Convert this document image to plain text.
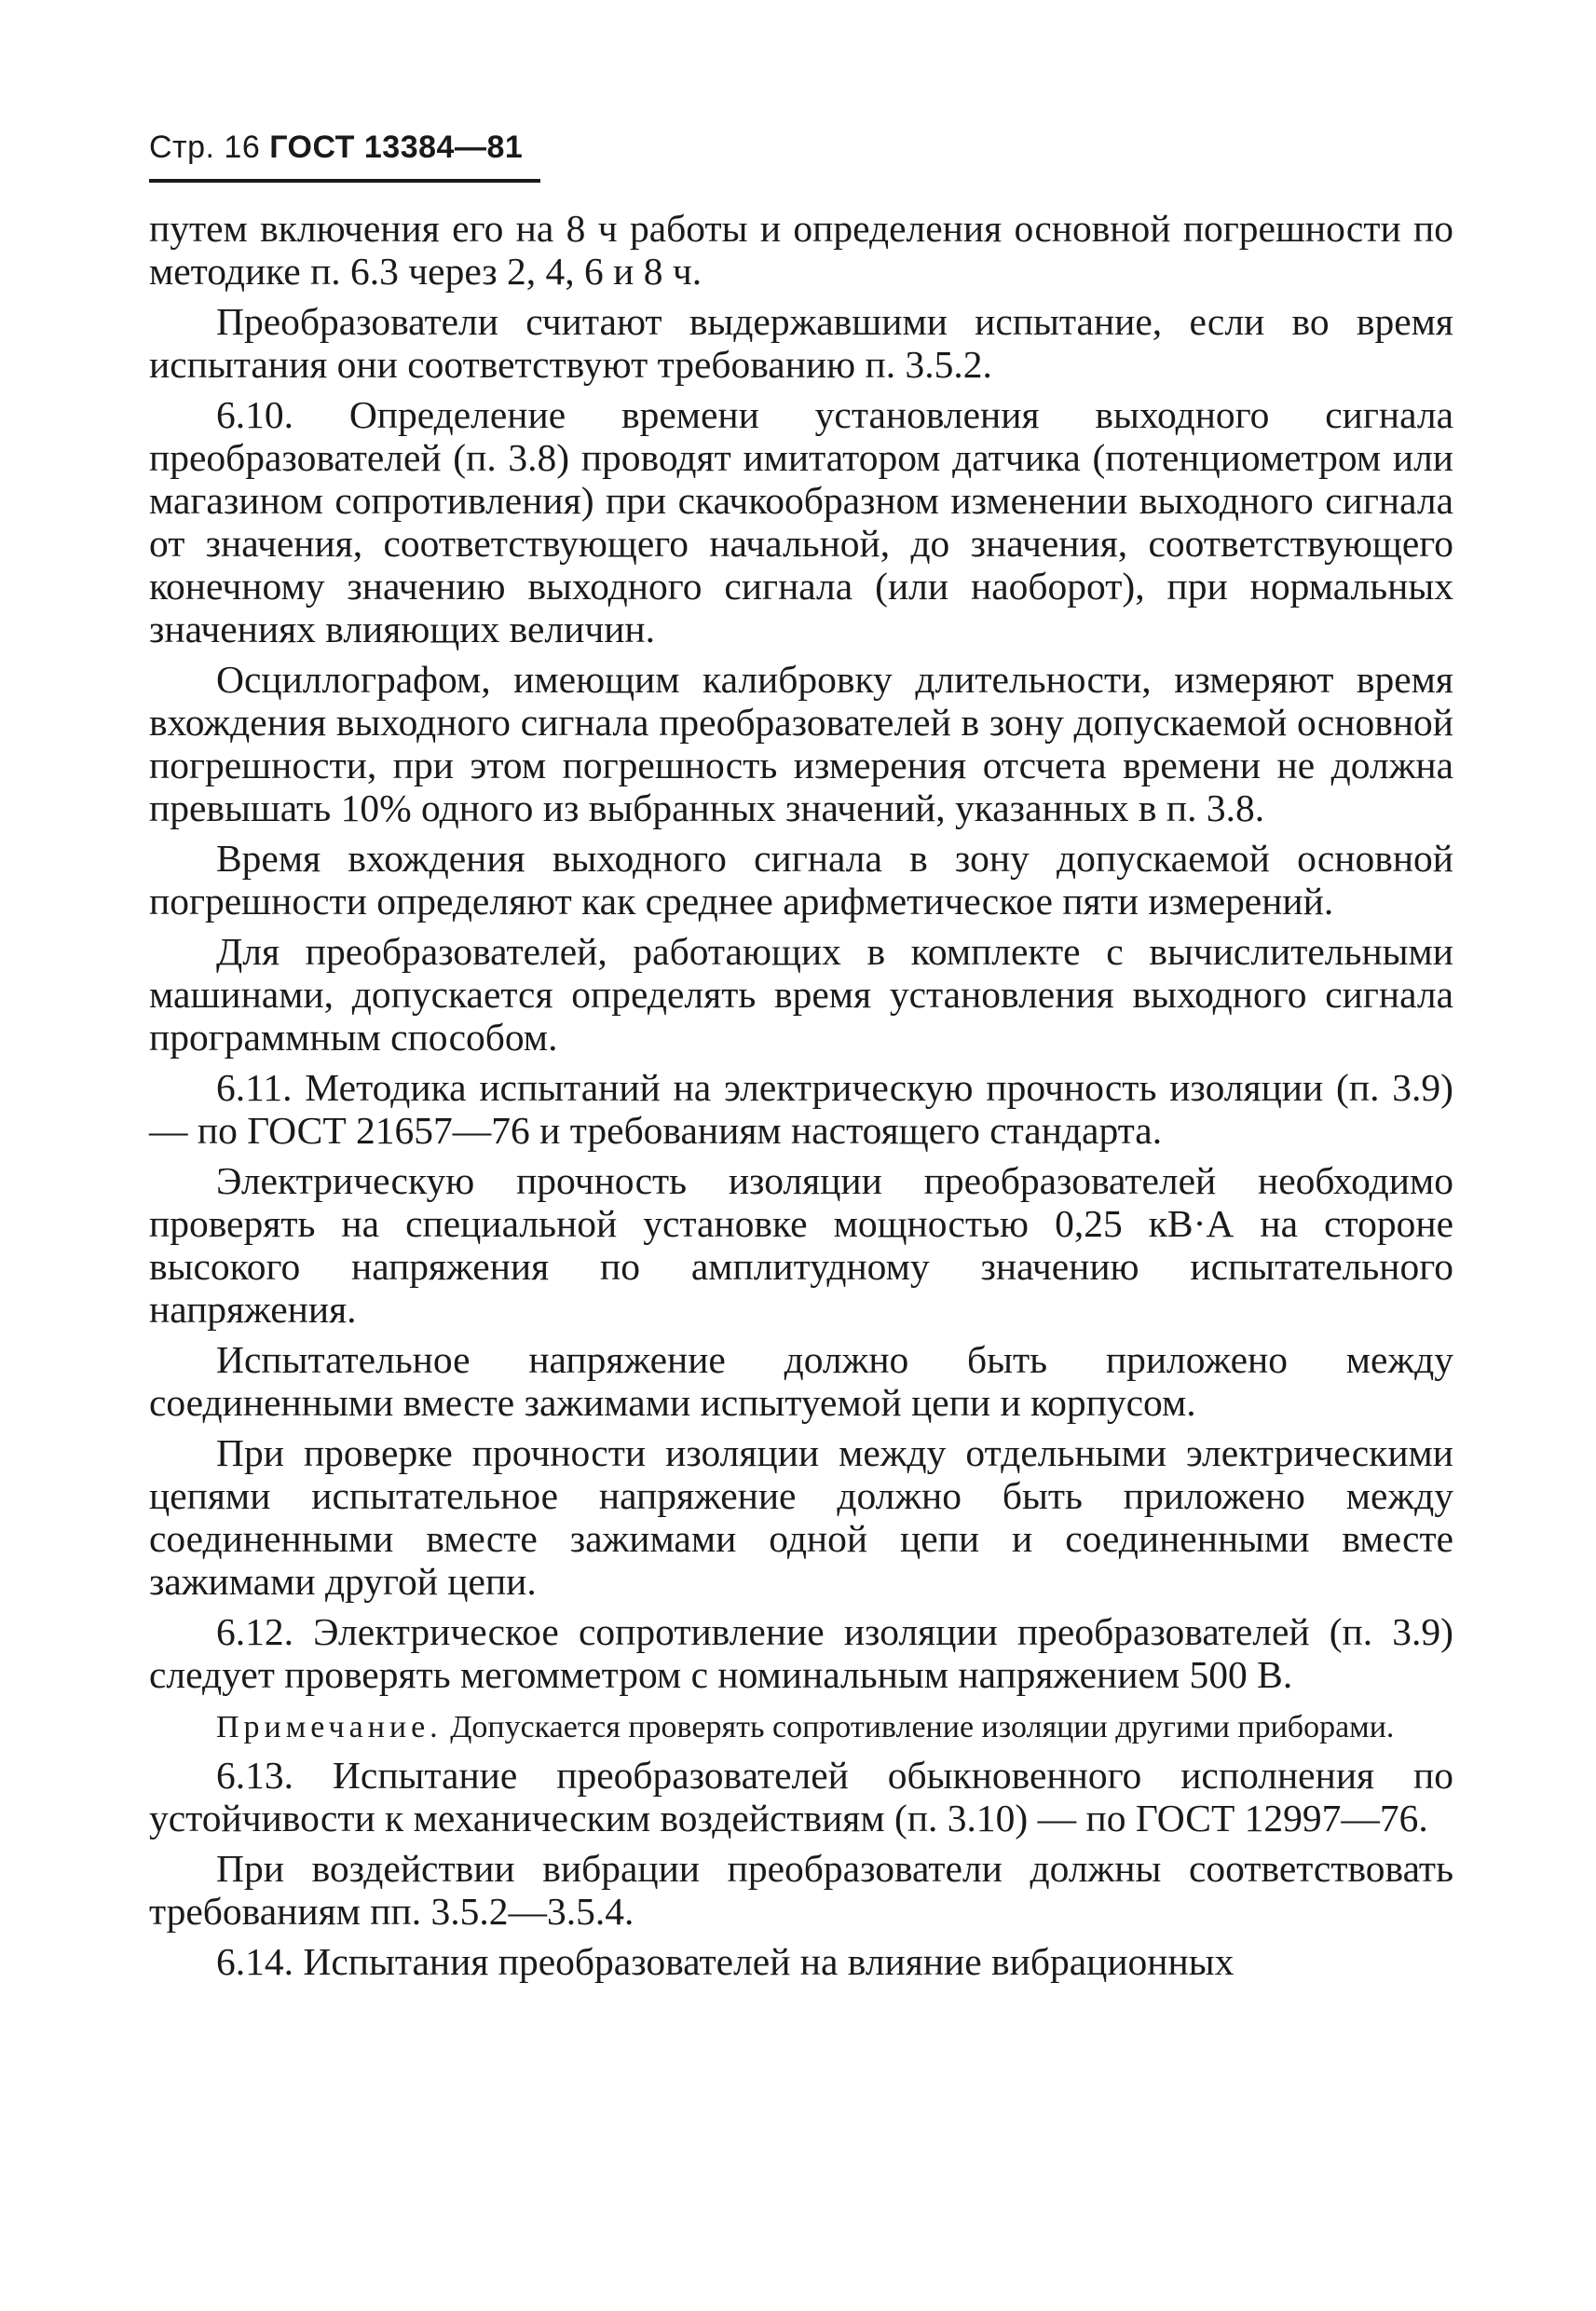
Стр. 16 ГОСТ 13384—81

путем включения его на 8 ч работы и определения основной погрешности по методике п. 6.3 через 2, 4, 6 и 8 ч.

Преобразователи считают выдержавшими испытание, если во время испытания они соответствуют требованию п. 3.5.2.

6.10. Определение времени установления выходного сигнала преобразователей (п. 3.8) проводят имитатором датчика (потенциометром или магазином сопротивления) при скачкообразном изменении выходного сигнала от значения, соответствующего начальной, до значения, соответствующего конечному значению выходного сигнала (или наоборот), при нормальных значениях влияющих величин.

Осциллографом, имеющим калибровку длительности, измеряют время вхождения выходного сигнала преобразователей в зону допускаемой основной погрешности, при этом погрешность измерения отсчета времени не должна превышать 10% одного из выбранных значений, указанных в п. 3.8.

Время вхождения выходного сигнала в зону допускаемой основной погрешности определяют как среднее арифметическое пяти измерений.

Для преобразователей, работающих в комплекте с вычислительными машинами, допускается определять время установления выходного сигнала программным способом.

6.11. Методика испытаний на электрическую прочность изоляции (п. 3.9) — по ГОСТ 21657—76 и требованиям настоящего стандарта.

Электрическую прочность изоляции преобразователей необходимо проверять на специальной установке мощностью 0,25 кВ·А на стороне высокого напряжения по амплитудному значению испытательного напряжения.

Испытательное напряжение должно быть приложено между соединенными вместе зажимами испытуемой цепи и корпусом.

При проверке прочности изоляции между отдельными электрическими цепями испытательное напряжение должно быть приложено между соединенными вместе зажимами одной цепи и соединенными вместе зажимами другой цепи.

6.12. Электрическое сопротивление изоляции преобразователей (п. 3.9) следует проверять мегомметром с номинальным напряжением 500 В.

Примечание. Допускается проверять сопротивление изоляции другими приборами.

6.13. Испытание преобразователей обыкновенного исполнения по устойчивости к механическим воздействиям (п. 3.10) — по ГОСТ 12997—76.

При воздействии вибрации преобразователи должны соответствовать требованиям пп. 3.5.2—3.5.4.

6.14. Испытания преобразователей на влияние вибрационных
